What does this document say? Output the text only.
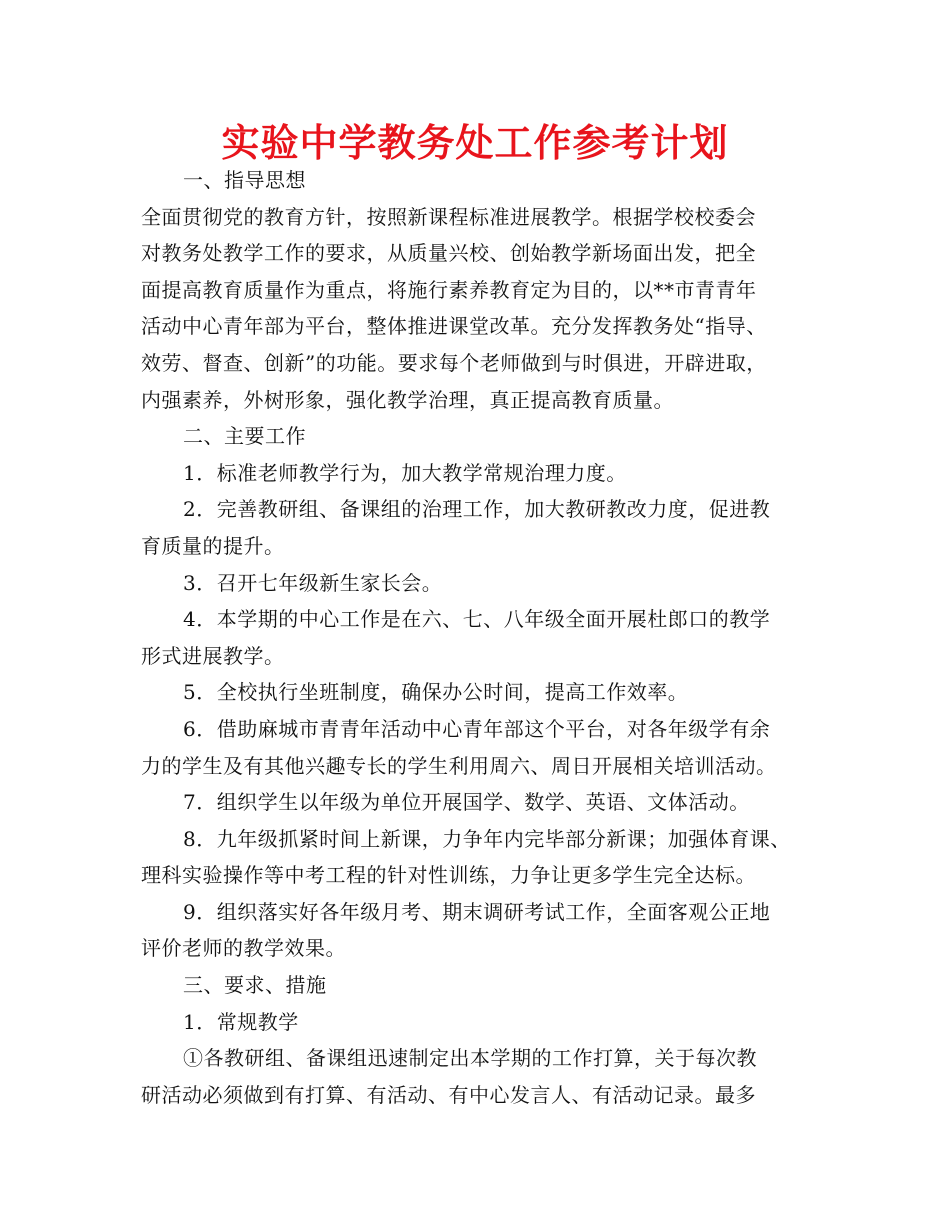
实验中学教务处工作参考计划
一、指导思想
全面贯彻党的教育方针，按照新课程标准进展教学。根据学校校委会
对教务处教学工作的要求，从质量兴校、创始教学新场面出发，把全
面提高教育质量作为重点，将施行素养教育定为目的，以**市青青年
活动中心青年部为平台，整体推进课堂改革。充分发挥教务处“指导、
效劳、督查、创新”的功能。要求每个老师做到与时俱进，开辟进取，
内强素养，外树形象，强化教学治理，真正提高教育质量。
二、主要工作
1．标准老师教学行为，加大教学常规治理力度。
2．完善教研组、备课组的治理工作，加大教研教改力度，促进教
育质量的提升。
3．召开七年级新生家长会。
4．本学期的中心工作是在六、七、八年级全面开展杜郎口的教学
形式进展教学。
5．全校执行坐班制度，确保办公时间，提高工作效率。
6．借助麻城市青青年活动中心青年部这个平台，对各年级学有余
力的学生及有其他兴趣专长的学生利用周六、周日开展相关培训活动。
7．组织学生以年级为单位开展国学、数学、英语、文体活动。
8．九年级抓紧时间上新课，力争年内完毕部分新课；加强体育课、
理科实验操作等中考工程的针对性训练，力争让更多学生完全达标。
9．组织落实好各年级月考、期末调研考试工作，全面客观公正地
评价老师的教学效果。
三、要求、措施
1．常规教学
①各教研组、备课组迅速制定出本学期的工作打算，关于每次教
研活动必须做到有打算、有活动、有中心发言人、有活动记录。最多
